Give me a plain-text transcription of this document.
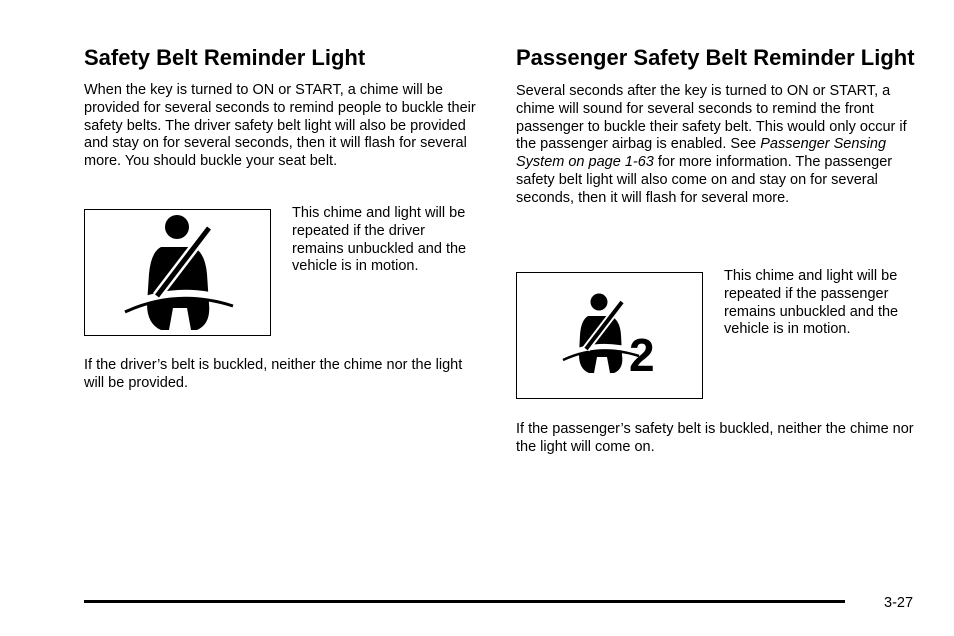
Safety Belt Reminder Light

When the key is turned to ON or START, a chime will be provided for several seconds to remind people to buckle their safety belts. The driver safety belt light will also be provided and stay on for several seconds, then it will flash for several more. You should buckle your seat belt.

This chime and light will be repeated if the driver remains unbuckled and the vehicle is in motion.

If the driver’s belt is buckled, neither the chime nor the light will be provided.

Passenger Safety Belt Reminder Light

Several seconds after the key is turned to ON or START, a chime will sound for several seconds to remind the front passenger to buckle their safety belt. This would only occur if the passenger airbag is enabled. See Passenger Sensing System on page 1-63 for more information. The passenger safety belt light will also come on and stay on for several seconds, then it will flash for several more.

2

This chime and light will be repeated if the passenger remains unbuckled and the vehicle is in motion.

If the passenger’s safety belt is buckled, neither the chime nor the light will come on.

3-27
